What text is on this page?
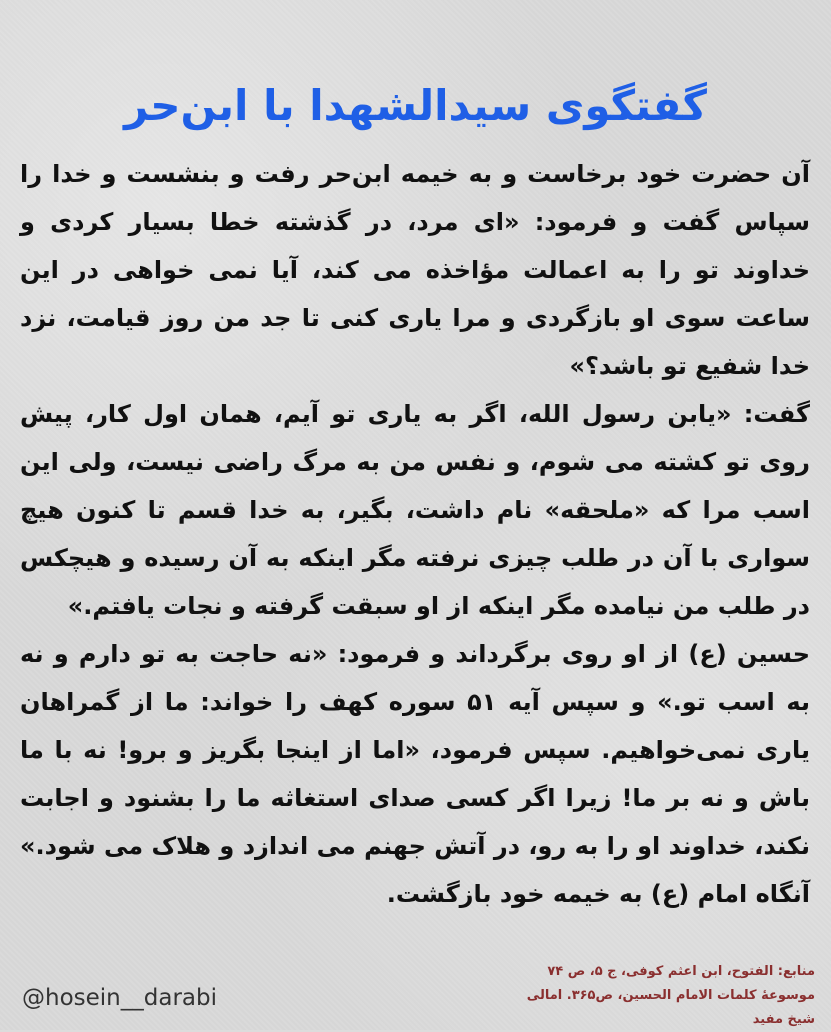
گفتگوی سیدالشهدا با ابن‌حر

آن حضرت خود برخاست و به خیمه ابن‌حر رفت و بنشست و خدا را سپاس گفت و فرمود: «ای مرد، در گذشته خطا بسیار کردی و خداوند تو را به اعمالت مؤاخذه می کند، آیا نمی خواهی در این ساعت سوی او بازگردی و مرا یاری کنی تا جد من روز قیامت، نزد خدا شفیع تو باشد؟»

گفت: «یابن رسول الله، اگر به یاری تو آیم، همان اول کار، پیش روی تو کشته می شوم، و نفس من به مرگ راضی نیست، ولی این اسب مرا که «ملحقه» نام داشت، بگیر، به خدا قسم تا کنون هیچ سواری با آن در طلب چیزی نرفته مگر اینکه به آن رسیده و هیچکس در طلب من نیامده مگر اینکه از او سبقت گرفته و نجات یافتم.»

حسین (ع) از او روی برگرداند و فرمود: «نه حاجت به تو دارم و نه به اسب تو.» و سپس آیه ۵۱ سوره کهف را خواند: ما از گمراهان یاری نمی‌خواهیم. سپس فرمود، «اما از اینجا بگریز و برو! نه با ما باش و نه بر ما! زیرا اگر کسی صدای استغاثه ما را بشنود و اجابت نکند، خداوند او را به رو، در آتش جهنم می اندازد و هلاک می شود.» آنگاه امام (ع) به خیمه خود بازگشت.

منابع: الفتوح، ابن اعثم کوفی، ج ۵، ص ۷۴
موسوعهٔ کلمات الامام الحسین، ص۳۶۵. امالی شیخ مفید
@hosein__darabi
